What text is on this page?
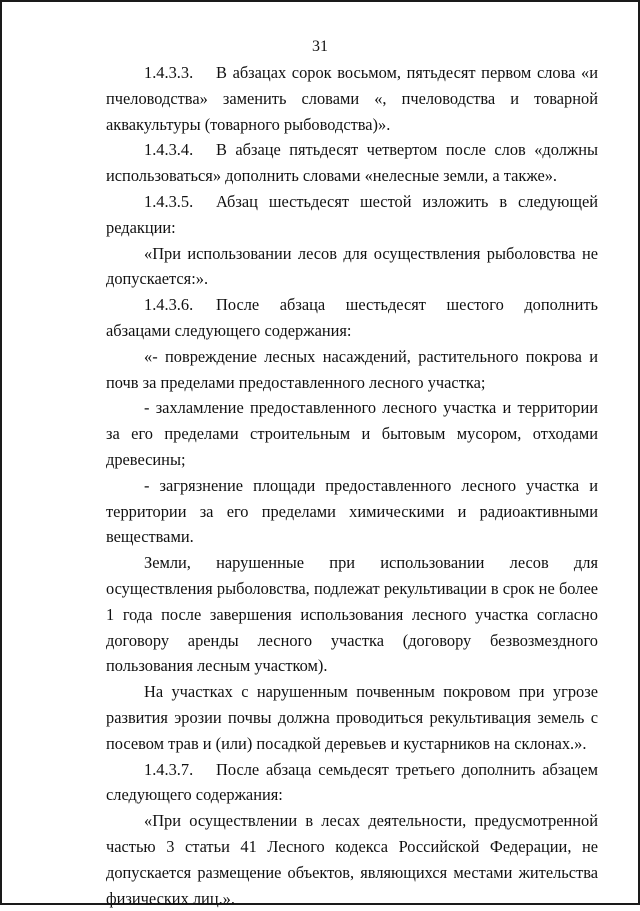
31

1.4.3.3. В абзацах сорок восьмом, пятьдесят первом слова «и пчеловодства» заменить словами «, пчеловодства и товарной аквакультуры (товарного рыбоводства)».

1.4.3.4. В абзаце пятьдесят четвертом после слов «должны использоваться» дополнить словами «нелесные земли, а также».

1.4.3.5. Абзац шестьдесят шестой изложить в следующей редакции:

«При использовании лесов для осуществления рыболовства не допускается:».

1.4.3.6. После абзаца шестьдесят шестого дополнить абзацами следующего содержания:

«- повреждение лесных насаждений, растительного покрова и почв за пределами предоставленного лесного участка;

- захламление предоставленного лесного участка и территории за его пределами строительным и бытовым мусором, отходами древесины;

- загрязнение площади предоставленного лесного участка и территории за его пределами химическими и радиоактивными веществами.

Земли, нарушенные при использовании лесов для осуществления рыболовства, подлежат рекультивации в срок не более 1 года после завершения использования лесного участка согласно договору аренды лесного участка (договору безвозмездного пользования лесным участком).

На участках с нарушенным почвенным покровом при угрозе развития эрозии почвы должна проводиться рекультивация земель с посевом трав и (или) посадкой деревьев и кустарников на склонах.».

1.4.3.7. После абзаца семьдесят третьего дополнить абзацем следующего содержания:

«При осуществлении в лесах деятельности, предусмотренной частью 3 статьи 41 Лесного кодекса Российской Федерации, не допускается размещение объектов, являющихся местами жительства физических лиц.».
